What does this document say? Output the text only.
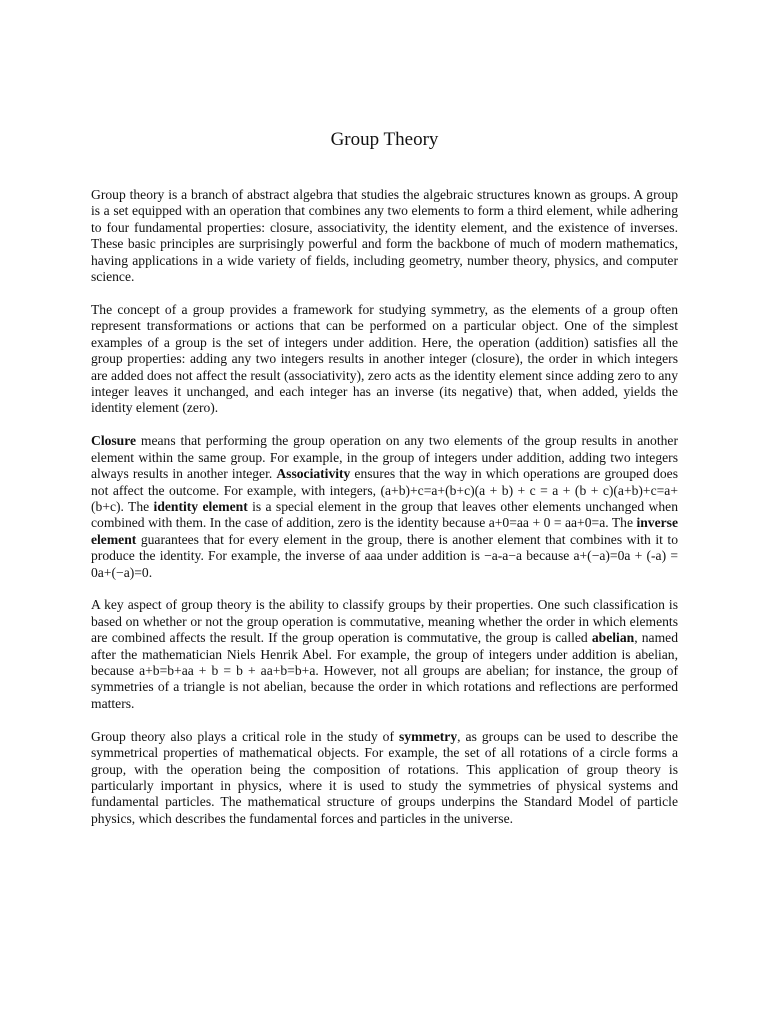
Group Theory

Group theory is a branch of abstract algebra that studies the algebraic structures known as groups. A group is a set equipped with an operation that combines any two elements to form a third element, while adhering to four fundamental properties: closure, associativity, the identity element, and the existence of inverses. These basic principles are surprisingly powerful and form the backbone of much of modern mathematics, having applications in a wide variety of fields, including geometry, number theory, physics, and computer science.

The concept of a group provides a framework for studying symmetry, as the elements of a group often represent transformations or actions that can be performed on a particular object. One of the simplest examples of a group is the set of integers under addition. Here, the operation (addition) satisfies all the group properties: adding any two integers results in another integer (closure), the order in which integers are added does not affect the result (associativity), zero acts as the identity element since adding zero to any integer leaves it unchanged, and each integer has an inverse (its negative) that, when added, yields the identity element (zero).

Closure means that performing the group operation on any two elements of the group results in another element within the same group. For example, in the group of integers under addition, adding two integers always results in another integer. Associativity ensures that the way in which operations are grouped does not affect the outcome. For example, with integers, (a+b)+c=a+(b+c)(a + b) + c = a + (b + c)(a+b)+c=a+(b+c). The identity element is a special element in the group that leaves other elements unchanged when combined with them. In the case of addition, zero is the identity because a+0=aa + 0 = aa+0=a. The inverse element guarantees that for every element in the group, there is another element that combines with it to produce the identity. For example, the inverse of aaa under addition is −a-a−a because a+(−a)=0a + (-a) = 0a+(−a)=0.

A key aspect of group theory is the ability to classify groups by their properties. One such classification is based on whether or not the group operation is commutative, meaning whether the order in which elements are combined affects the result. If the group operation is commutative, the group is called abelian, named after the mathematician Niels Henrik Abel. For example, the group of integers under addition is abelian, because a+b=b+aa + b = b + aa+b=b+a. However, not all groups are abelian; for instance, the group of symmetries of a triangle is not abelian, because the order in which rotations and reflections are performed matters.

Group theory also plays a critical role in the study of symmetry, as groups can be used to describe the symmetrical properties of mathematical objects. For example, the set of all rotations of a circle forms a group, with the operation being the composition of rotations. This application of group theory is particularly important in physics, where it is used to study the symmetries of physical systems and fundamental particles. The mathematical structure of groups underpins the Standard Model of particle physics, which describes the fundamental forces and particles in the universe.
